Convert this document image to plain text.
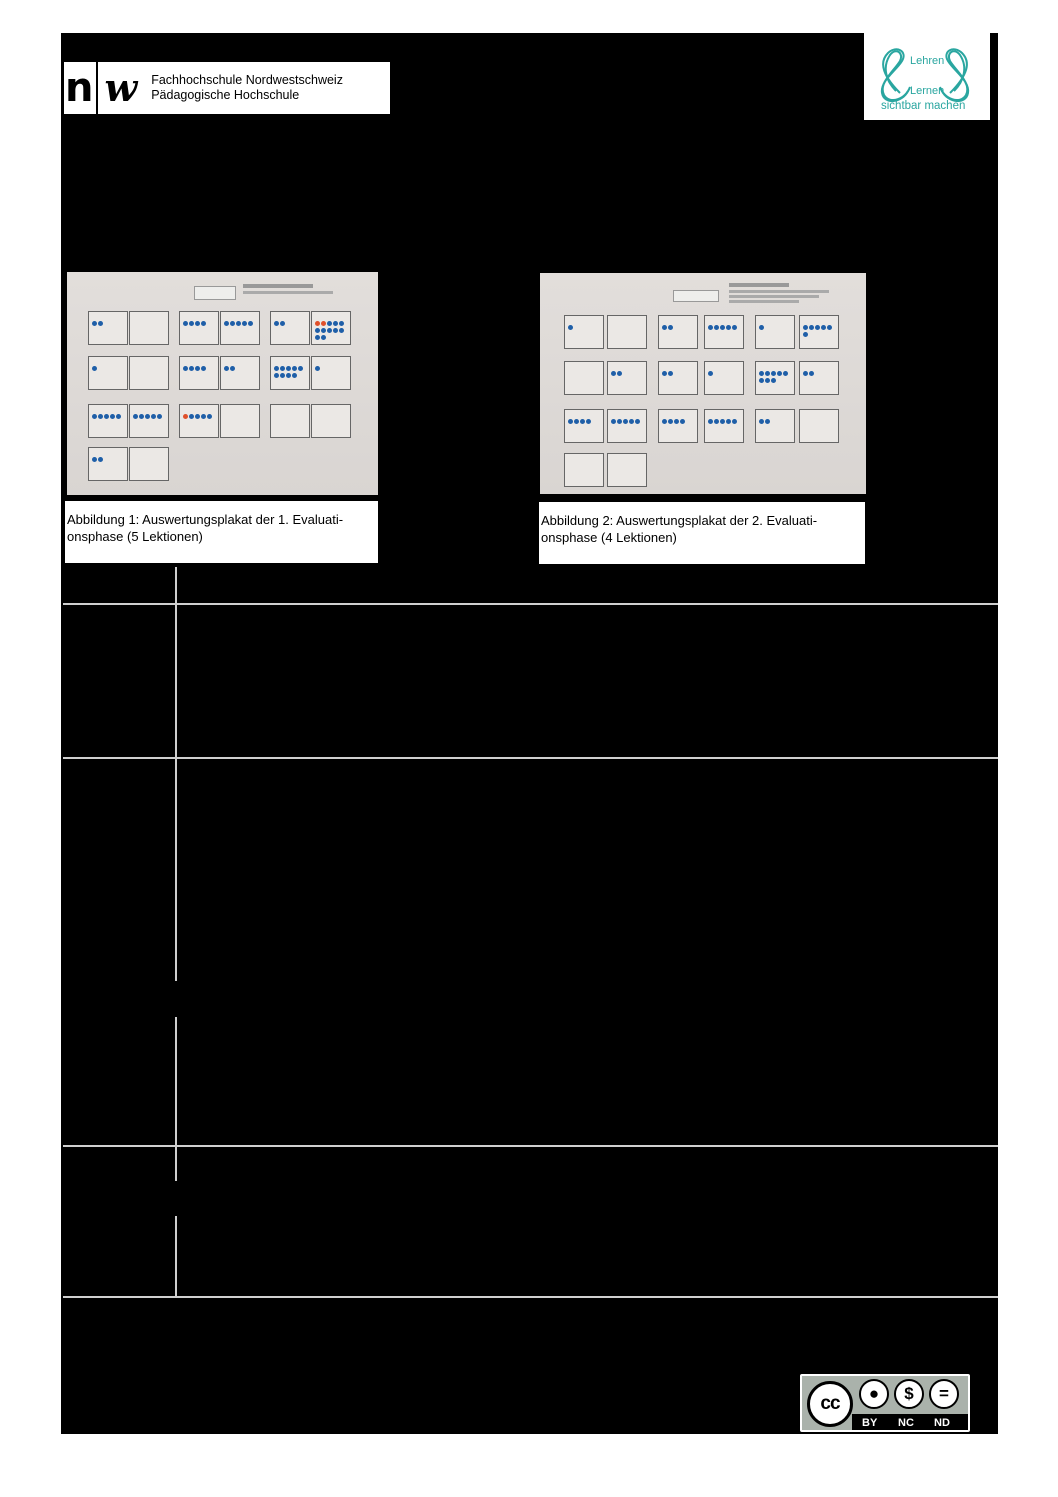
n w Fachhochschule Nordwestschweiz
Pädagogische Hochschule
Lehren
Lernen
sichtbar machen
Abbildung 1: Auswertungsplakat der 1. Evaluati-onsphase (5 Lektionen)
Abbildung 2: Auswertungsplakat der 2. Evaluati-onsphase (4 Lektionen)
cc	●	$	=
BY NC ND
